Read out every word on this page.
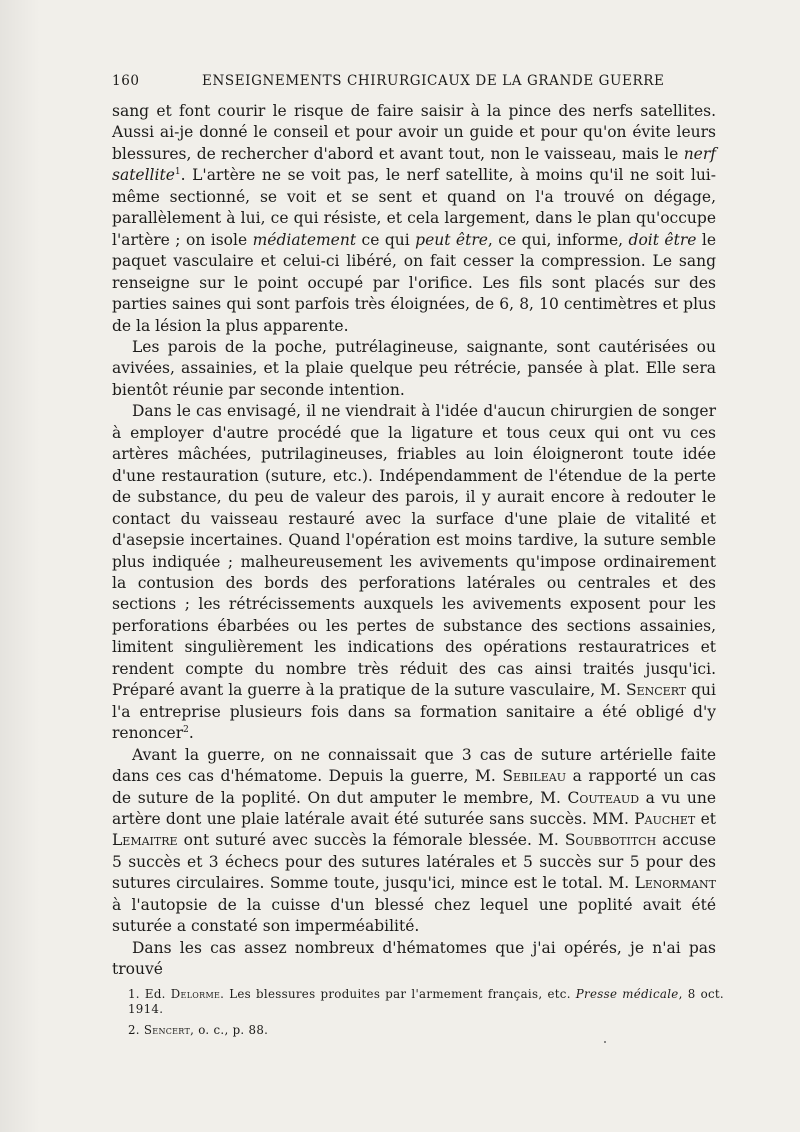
160	ENSEIGNEMENTS CHIRURGICAUX DE LA GRANDE GUERRE

sang et font courir le risque de faire saisir à la pince des nerfs satellites. Aussi ai-je donné le conseil et pour avoir un guide et pour qu'on évite leurs blessures, de rechercher d'abord et avant tout, non le vaisseau, mais le nerf satellite$^1$. L'artère ne se voit pas, le nerf satellite, à moins qu'il ne soit lui-même sectionné, se voit et se sent et quand on l'a trouvé on dégage, parallèlement à lui, ce qui résiste, et cela largement, dans le plan qu'occupe l'artère ; on isole médiatement ce qui peut être, ce qui, informe, doit être le paquet vasculaire et celui-ci libéré, on fait cesser la compression. Le sang renseigne sur le point occupé par l'orifice. Les fils sont placés sur des parties saines qui sont parfois très éloignées, de 6, 8, 10 centimètres et plus de la lésion la plus apparente.

Les parois de la poche, putrélagineuse, saignante, sont cautérisées ou avivées, assainies, et la plaie quelque peu rétrécie, pansée à plat. Elle sera bientôt réunie par seconde intention.

Dans le cas envisagé, il ne viendrait à l'idée d'aucun chirurgien de songer à employer d'autre procédé que la ligature et tous ceux qui ont vu ces artères mâchées, putrilagineuses, friables au loin éloigneront toute idée d'une restauration (suture, etc.). Indépendamment de l'étendue de la perte de substance, du peu de valeur des parois, il y aurait encore à redouter le contact du vaisseau restauré avec la surface d'une plaie de vitalité et d'asepsie incertaines. Quand l'opération est moins tardive, la suture semble plus indiquée ; malheureusement les avivements qu'impose ordinairement la contusion des bords des perforations latérales ou centrales et des sections ; les rétrécissements auxquels les avivements exposent pour les perforations ébarbées ou les pertes de substance des sections assainies, limitent singulièrement les indications des opérations restauratrices et rendent compte du nombre très réduit des cas ainsi traités jusqu'ici. Préparé avant la guerre à la pratique de la suture vasculaire, M. Sencert qui l'a entreprise plusieurs fois dans sa formation sanitaire a été obligé d'y renoncer$^2$.

Avant la guerre, on ne connaissait que 3 cas de suture artérielle faite dans ces cas d'hématome. Depuis la guerre, M. Sebileau a rapporté un cas de suture de la poplité. On dut amputer le membre, M. Couteaud a vu une artère dont une plaie latérale avait été suturée sans succès. MM. Pauchet et Lemaitre ont suturé avec succès la fémorale blessée. M. Soubbotitch accuse 5 succès et 3 échecs pour des sutures latérales et 5 succès sur 5 pour des sutures circulaires. Somme toute, jusqu'ici, mince est le total. M. Lenormant à l'autopsie de la cuisse d'un blessé chez lequel une poplité avait été suturée a constaté son imperméabilité.

Dans les cas assez nombreux d'hématomes que j'ai opérés, je n'ai pas trouvé

1. Ed. Delorme. Les blessures produites par l'armement français, etc. Presse médicale, 8 oct. 1914.

2. Sencert, o. c., p. 88.
